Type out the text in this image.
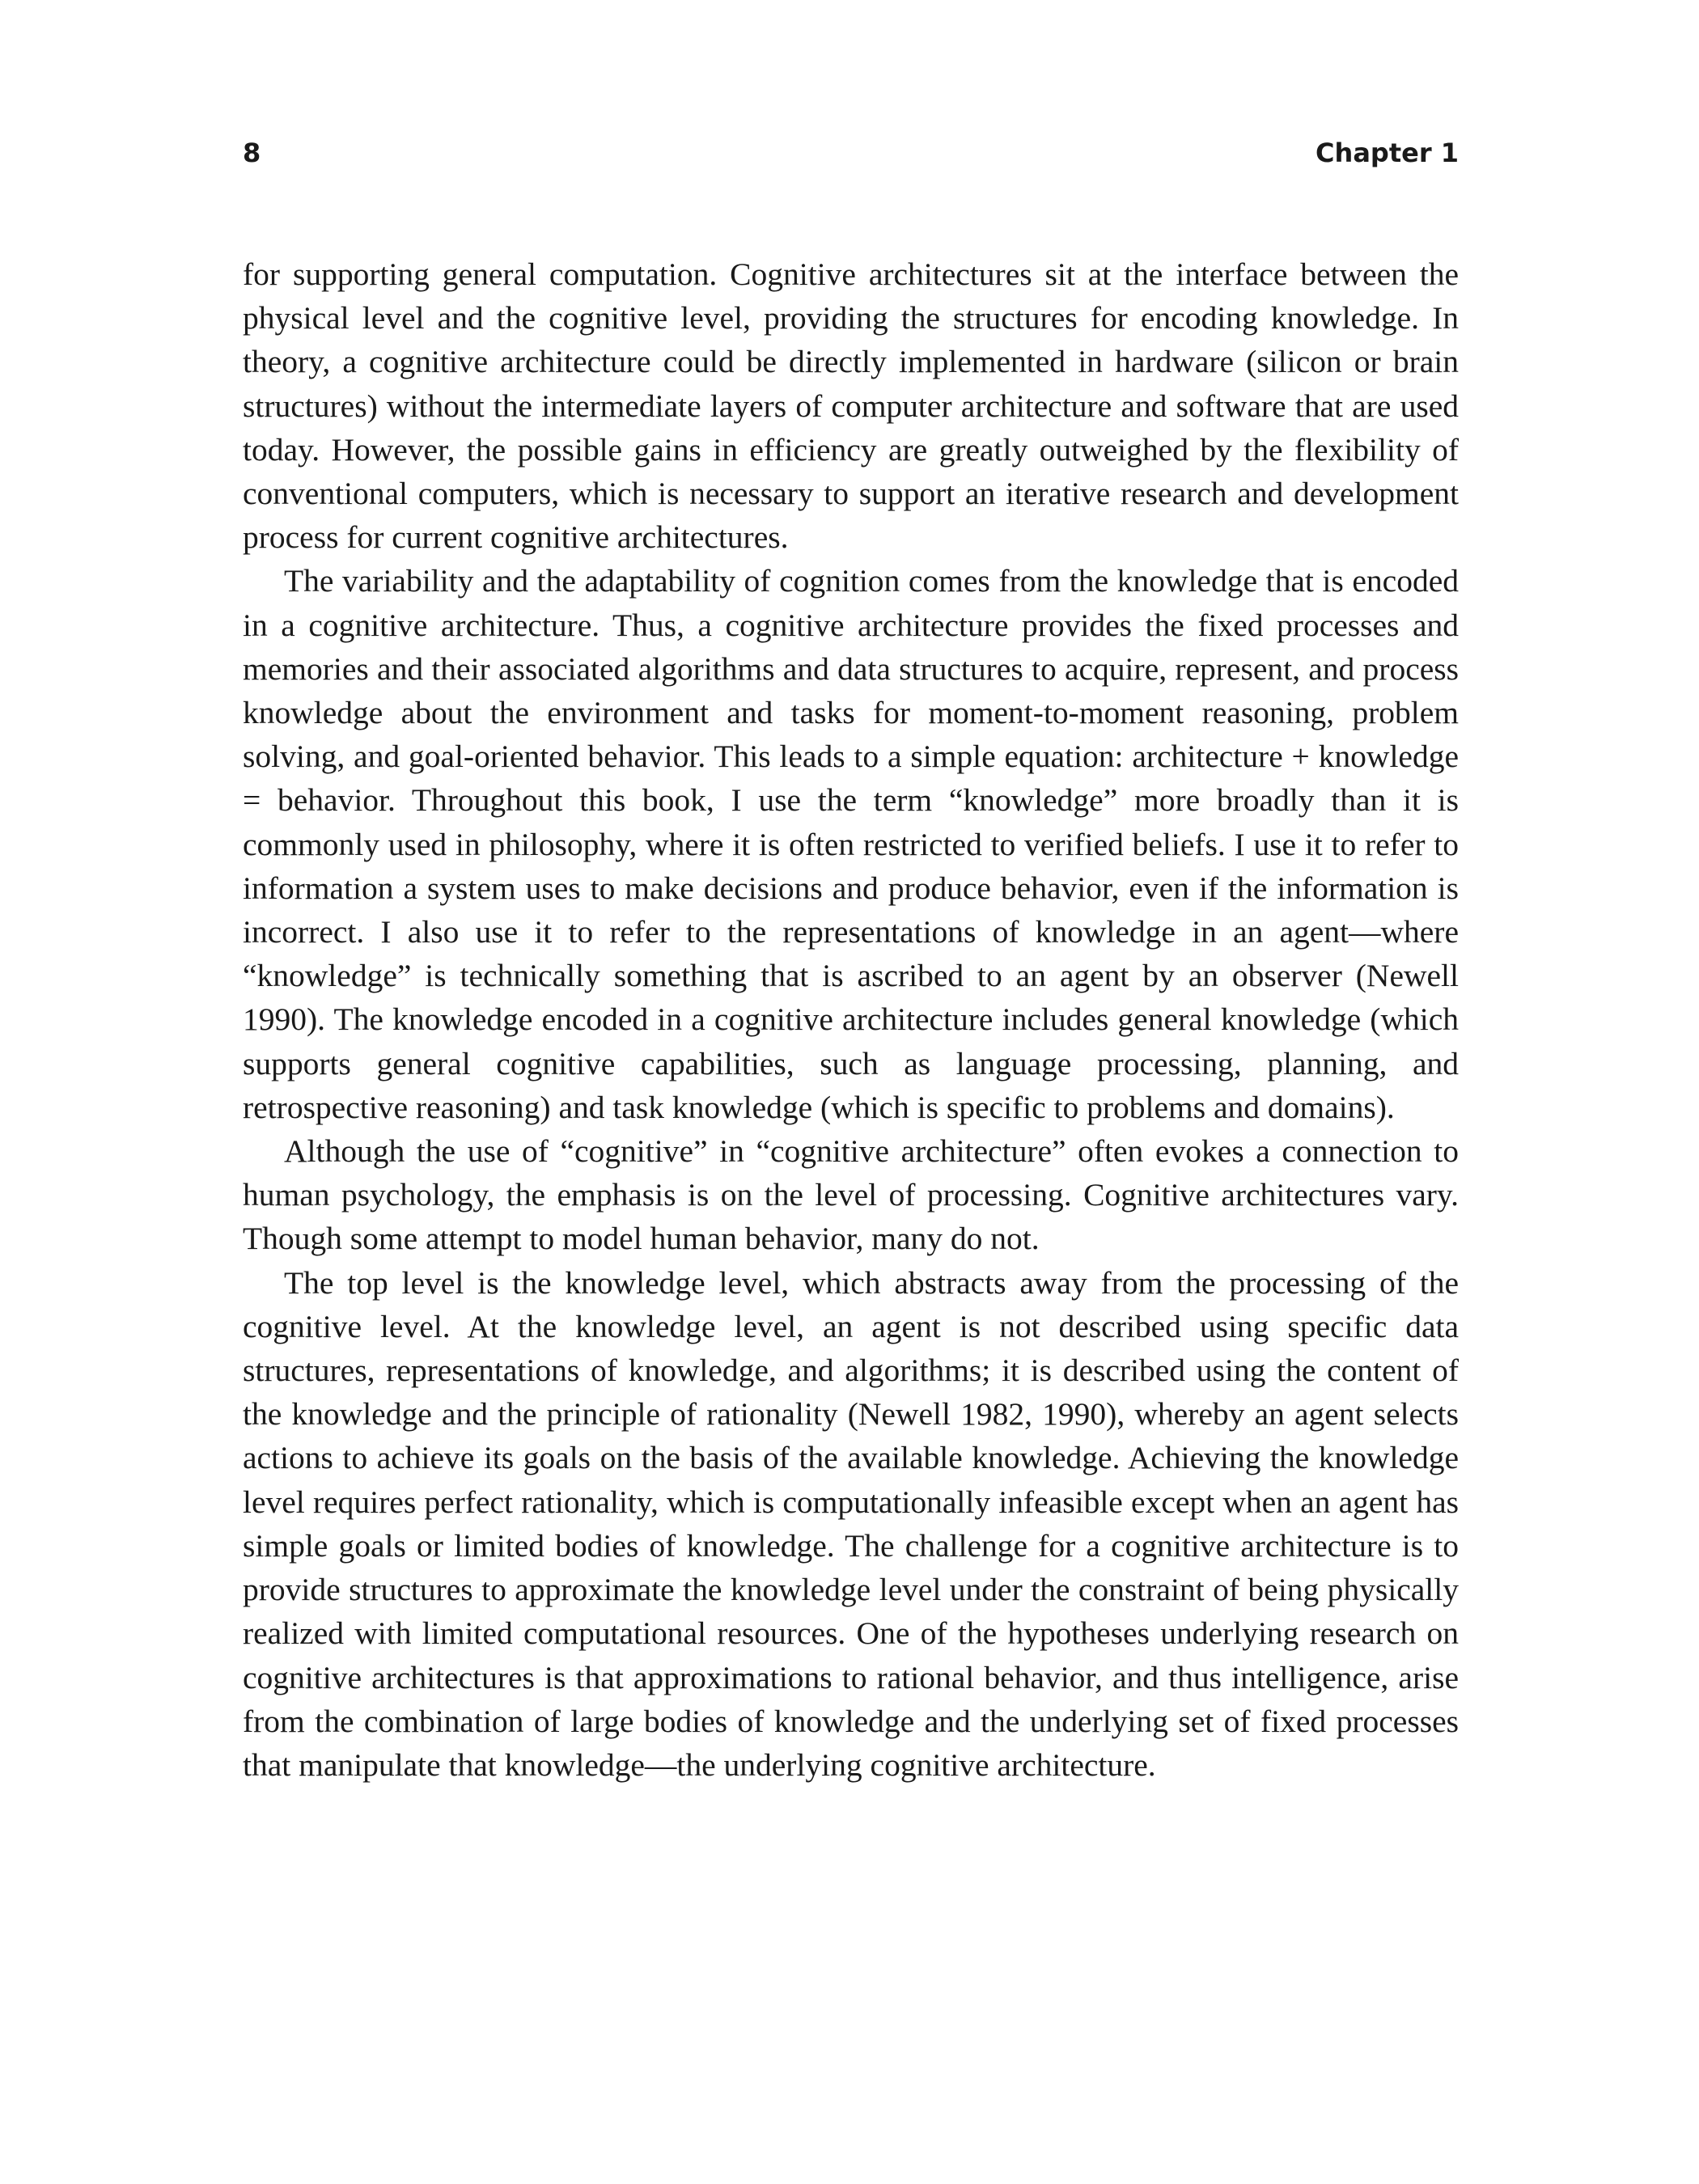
8	Chapter 1

for supporting general computation. Cognitive architectures sit at the interface between the physical level and the cognitive level, providing the structures for encoding knowledge. In theory, a cognitive architecture could be directly implemented in hardware (silicon or brain structures) without the intermediate layers of computer architecture and software that are used today. However, the possible gains in efficiency are greatly outweighed by the flexibility of conventional computers, which is necessary to support an iterative research and development process for current cognitive architectures.

The variability and the adaptability of cognition comes from the knowledge that is encoded in a cognitive architecture. Thus, a cognitive architecture provides the fixed processes and memories and their associated algorithms and data structures to acquire, represent, and process knowledge about the environment and tasks for moment-to-moment reasoning, problem solving, and goal-oriented behavior. This leads to a simple equation: architecture + knowledge = behavior. Throughout this book, I use the term “knowledge” more broadly than it is commonly used in philosophy, where it is often restricted to verified beliefs. I use it to refer to information a system uses to make decisions and produce behavior, even if the information is incorrect. I also use it to refer to the representations of knowledge in an agent—where “knowledge” is technically something that is ascribed to an agent by an observer (Newell 1990). The knowledge encoded in a cognitive architecture includes general knowledge (which supports general cognitive capabilities, such as language processing, planning, and retrospective reasoning) and task knowledge (which is specific to problems and domains).

Although the use of “cognitive” in “cognitive architecture” often evokes a connection to human psychology, the emphasis is on the level of processing. Cognitive architectures vary. Though some attempt to model human behavior, many do not.

The top level is the knowledge level, which abstracts away from the processing of the cognitive level. At the knowledge level, an agent is not described using specific data structures, representations of knowledge, and algorithms; it is described using the content of the knowledge and the principle of rationality (Newell 1982, 1990), whereby an agent selects actions to achieve its goals on the basis of the available knowledge. Achieving the knowledge level requires perfect rationality, which is computationally infeasible except when an agent has simple goals or limited bodies of knowledge. The challenge for a cognitive architecture is to provide structures to approximate the knowledge level under the constraint of being physically realized with limited computational resources. One of the hypotheses underlying research on cognitive architectures is that approximations to rational behavior, and thus intelligence, arise from the combination of large bodies of knowledge and the underlying set of fixed processes that manipulate that knowledge—the underlying cognitive architecture.
